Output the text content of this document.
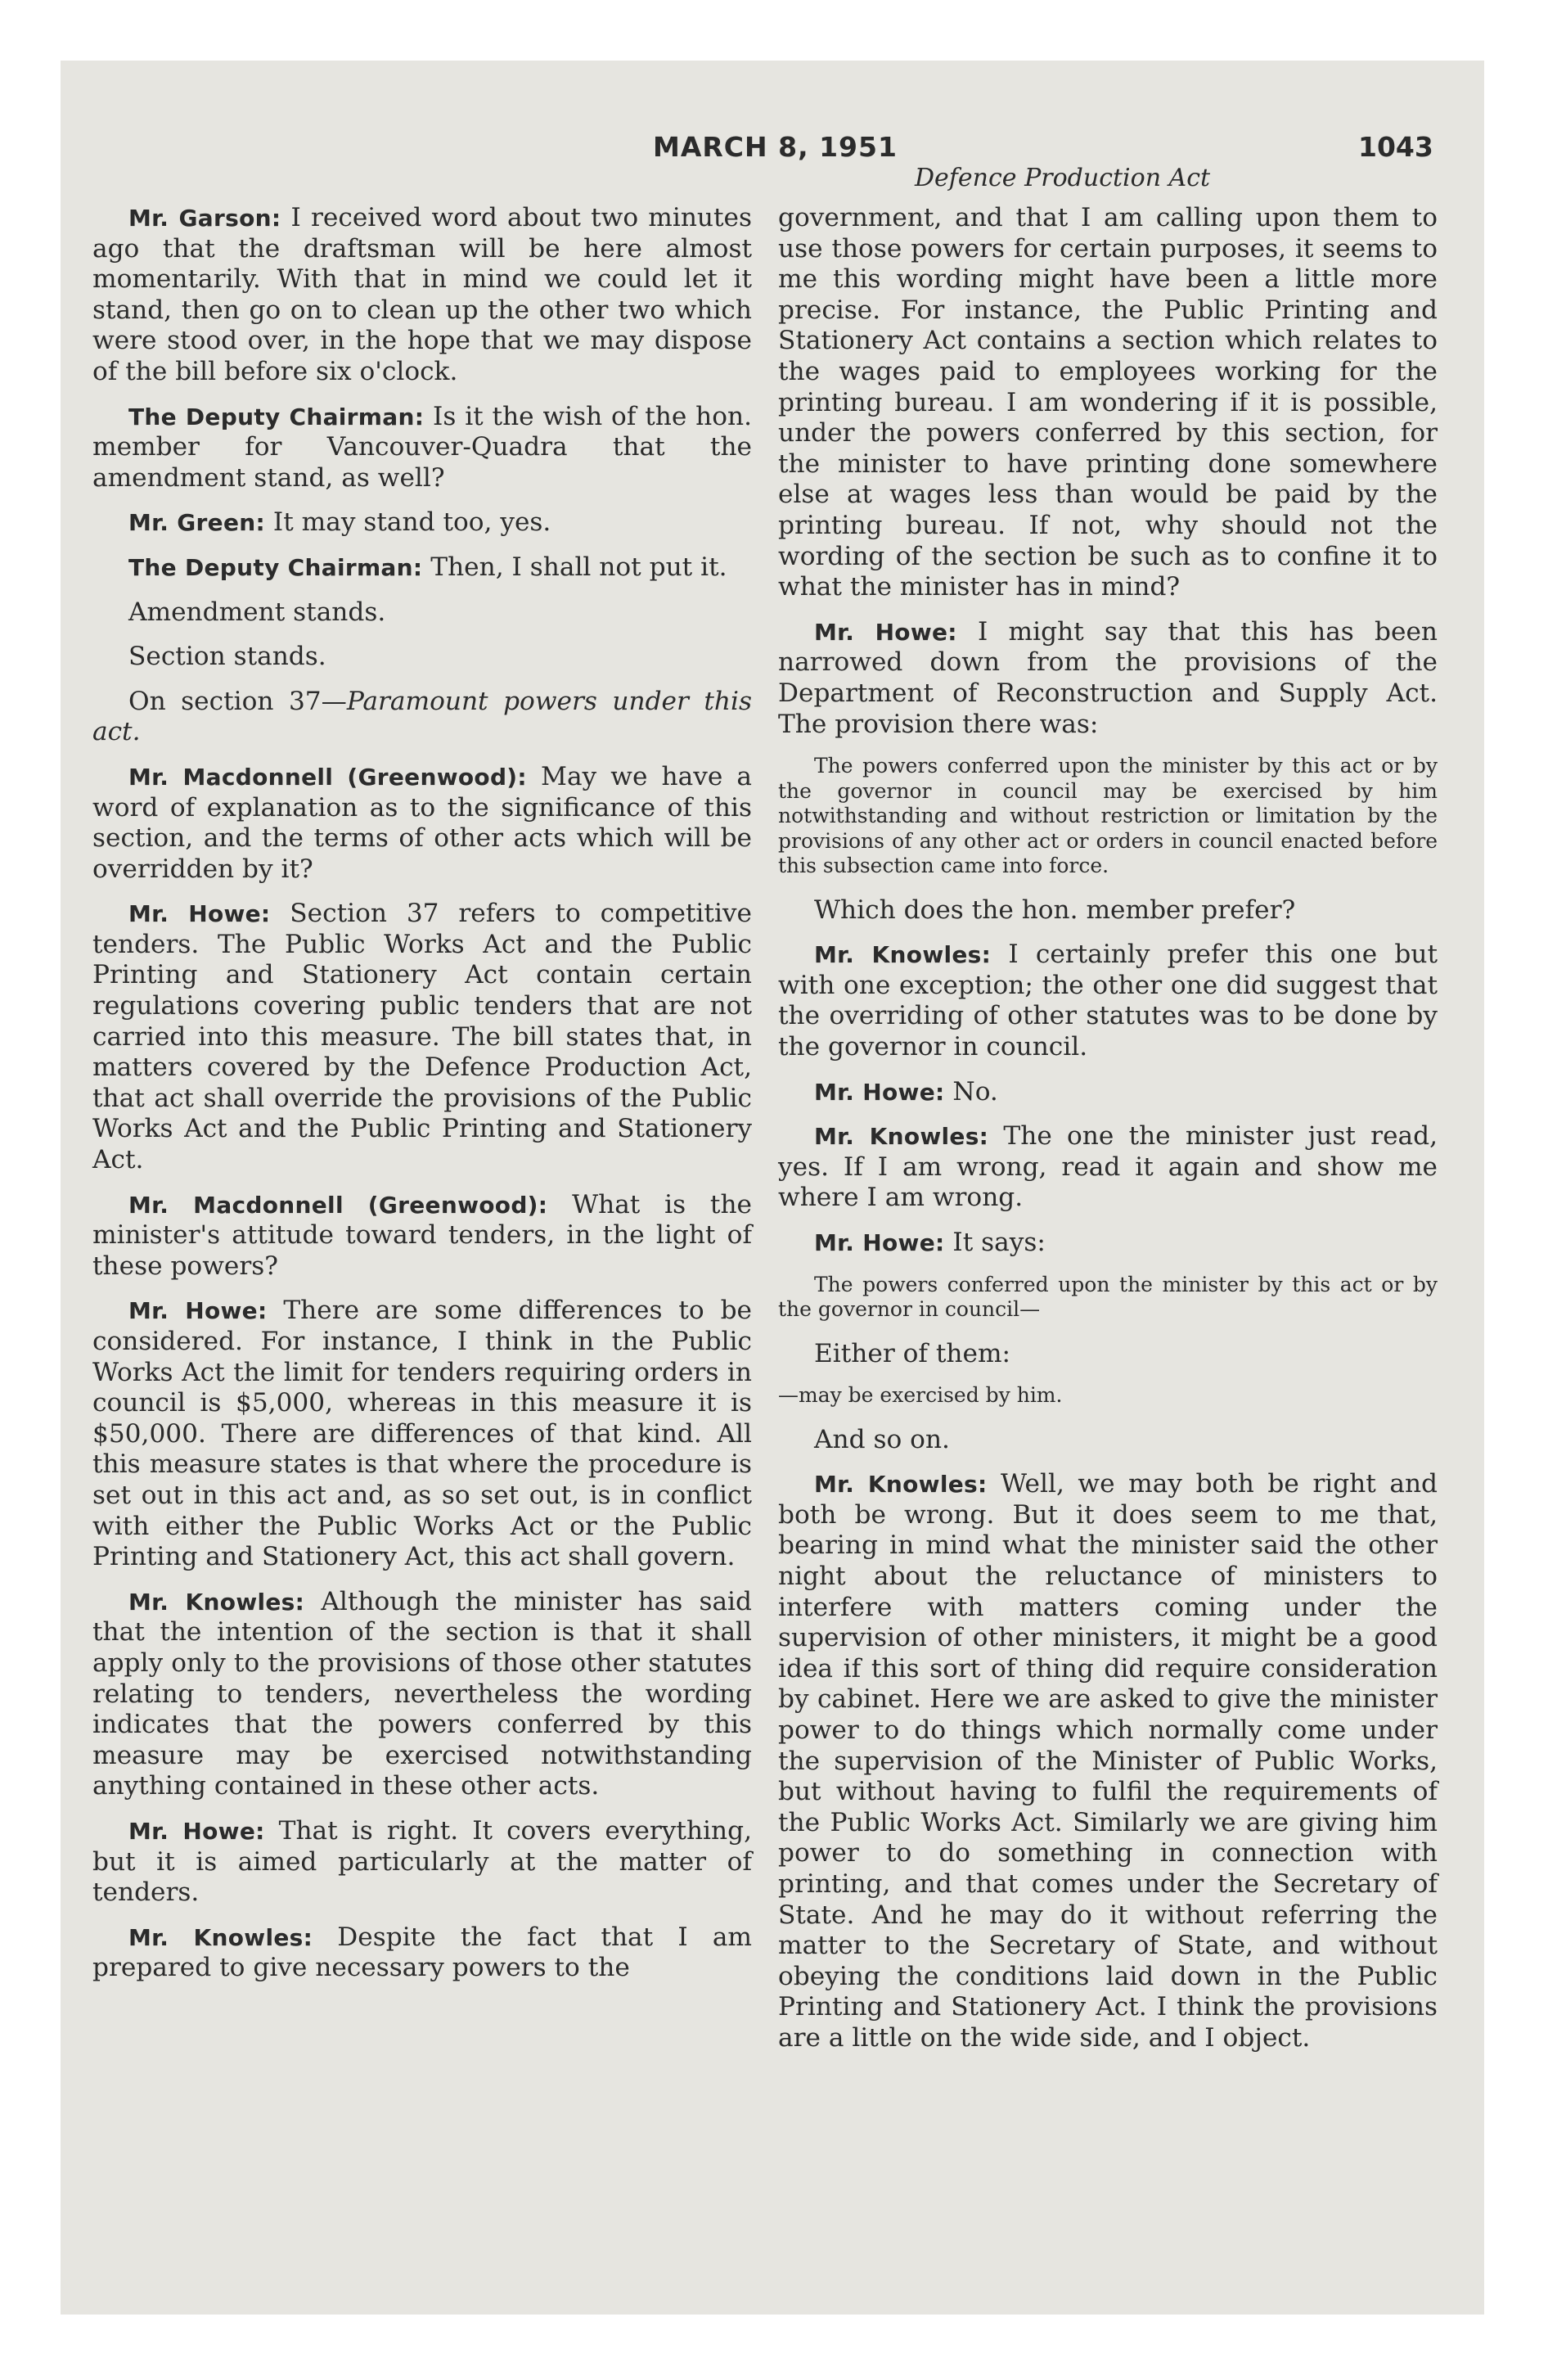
MARCH 8, 1951	1043
Defence Production Act

Mr. Garson: I received word about two minutes ago that the draftsman will be here almost momentarily. With that in mind we could let it stand, then go on to clean up the other two which were stood over, in the hope that we may dispose of the bill before six o'clock.

The Deputy Chairman: Is it the wish of the hon. member for Vancouver-Quadra that the amendment stand, as well?

Mr. Green: It may stand too, yes.

The Deputy Chairman: Then, I shall not put it.

Amendment stands.

Section stands.

On section 37—Paramount powers under this act.

Mr. Macdonnell (Greenwood): May we have a word of explanation as to the significance of this section, and the terms of other acts which will be overridden by it?

Mr. Howe: Section 37 refers to competitive tenders. The Public Works Act and the Public Printing and Stationery Act contain certain regulations covering public tenders that are not carried into this measure. The bill states that, in matters covered by the Defence Production Act, that act shall override the provisions of the Public Works Act and the Public Printing and Stationery Act.

Mr. Macdonnell (Greenwood): What is the minister's attitude toward tenders, in the light of these powers?

Mr. Howe: There are some differences to be considered. For instance, I think in the Public Works Act the limit for tenders requiring orders in council is $5,000, whereas in this measure it is $50,000. There are differences of that kind. All this measure states is that where the procedure is set out in this act and, as so set out, is in conflict with either the Public Works Act or the Public Printing and Stationery Act, this act shall govern.

Mr. Knowles: Although the minister has said that the intention of the section is that it shall apply only to the provisions of those other statutes relating to tenders, nevertheless the wording indicates that the powers conferred by this measure may be exercised notwithstanding anything contained in these other acts.

Mr. Howe: That is right. It covers everything, but it is aimed particularly at the matter of tenders.

Mr. Knowles: Despite the fact that I am prepared to give necessary powers to the

government, and that I am calling upon them to use those powers for certain purposes, it seems to me this wording might have been a little more precise. For instance, the Public Printing and Stationery Act contains a section which relates to the wages paid to employees working for the printing bureau. I am wondering if it is possible, under the powers conferred by this section, for the minister to have printing done somewhere else at wages less than would be paid by the printing bureau. If not, why should not the wording of the section be such as to confine it to what the minister has in mind?

Mr. Howe: I might say that this has been narrowed down from the provisions of the Department of Reconstruction and Supply Act. The provision there was:

The powers conferred upon the minister by this act or by the governor in council may be exercised by him notwithstanding and without restriction or limitation by the provisions of any other act or orders in council enacted before this subsection came into force.

Which does the hon. member prefer?

Mr. Knowles: I certainly prefer this one but with one exception; the other one did suggest that the overriding of other statutes was to be done by the governor in council.

Mr. Howe: No.

Mr. Knowles: The one the minister just read, yes. If I am wrong, read it again and show me where I am wrong.

Mr. Howe: It says:

The powers conferred upon the minister by this act or by the governor in council—

Either of them:

—may be exercised by him.

And so on.

Mr. Knowles: Well, we may both be right and both be wrong. But it does seem to me that, bearing in mind what the minister said the other night about the reluctance of ministers to interfere with matters coming under the supervision of other ministers, it might be a good idea if this sort of thing did require consideration by cabinet. Here we are asked to give the minister power to do things which normally come under the supervision of the Minister of Public Works, but without having to fulfil the requirements of the Public Works Act. Similarly we are giving him power to do something in connection with printing, and that comes under the Secretary of State. And he may do it without referring the matter to the Secretary of State, and without obeying the conditions laid down in the Public Printing and Stationery Act. I think the provisions are a little on the wide side, and I object.
